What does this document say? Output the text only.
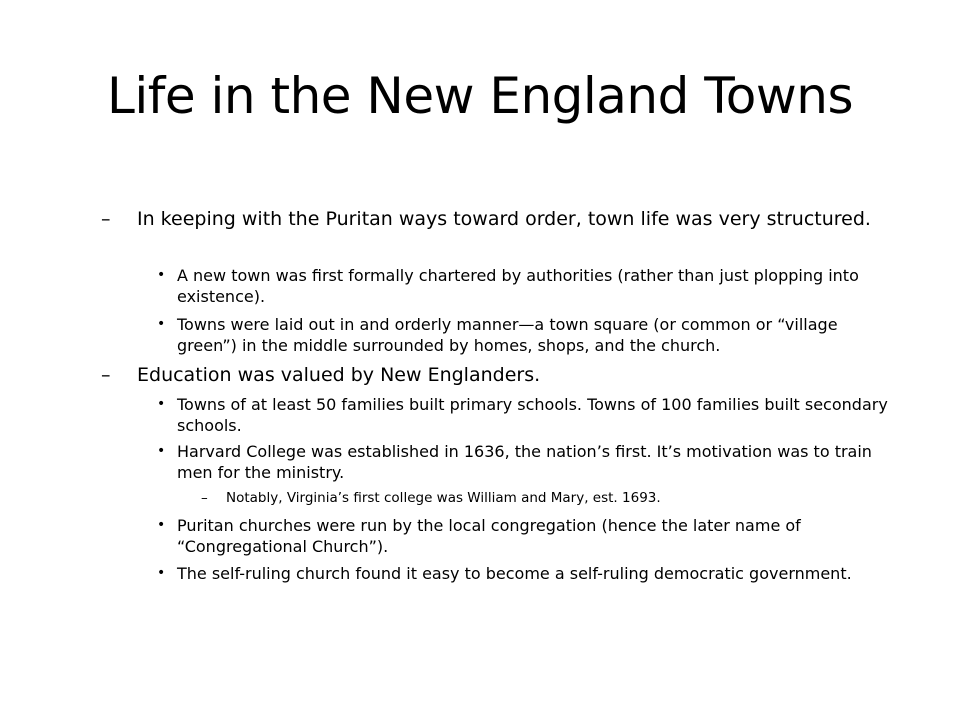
Life in the New England Towns
– In keeping with the Puritan ways toward order, town life was very structured.
• A new town was first formally chartered by authorities (rather than just plopping into existence).
• Towns were laid out in and orderly manner—a town square (or common or “village green”) in the middle surrounded by homes, shops, and the church.
– Education was valued by New Englanders.
• Towns of at least 50 families built primary schools. Towns of 100 families built secondary schools.
• Harvard College was established in 1636, the nation’s first. It’s motivation was to train men for the ministry.
– Notably, Virginia’s first college was William and Mary, est. 1693.
• Puritan churches were run by the local congregation (hence the later name of “Congregational Church”).
• The self-ruling church found it easy to become a self-ruling democratic government.
